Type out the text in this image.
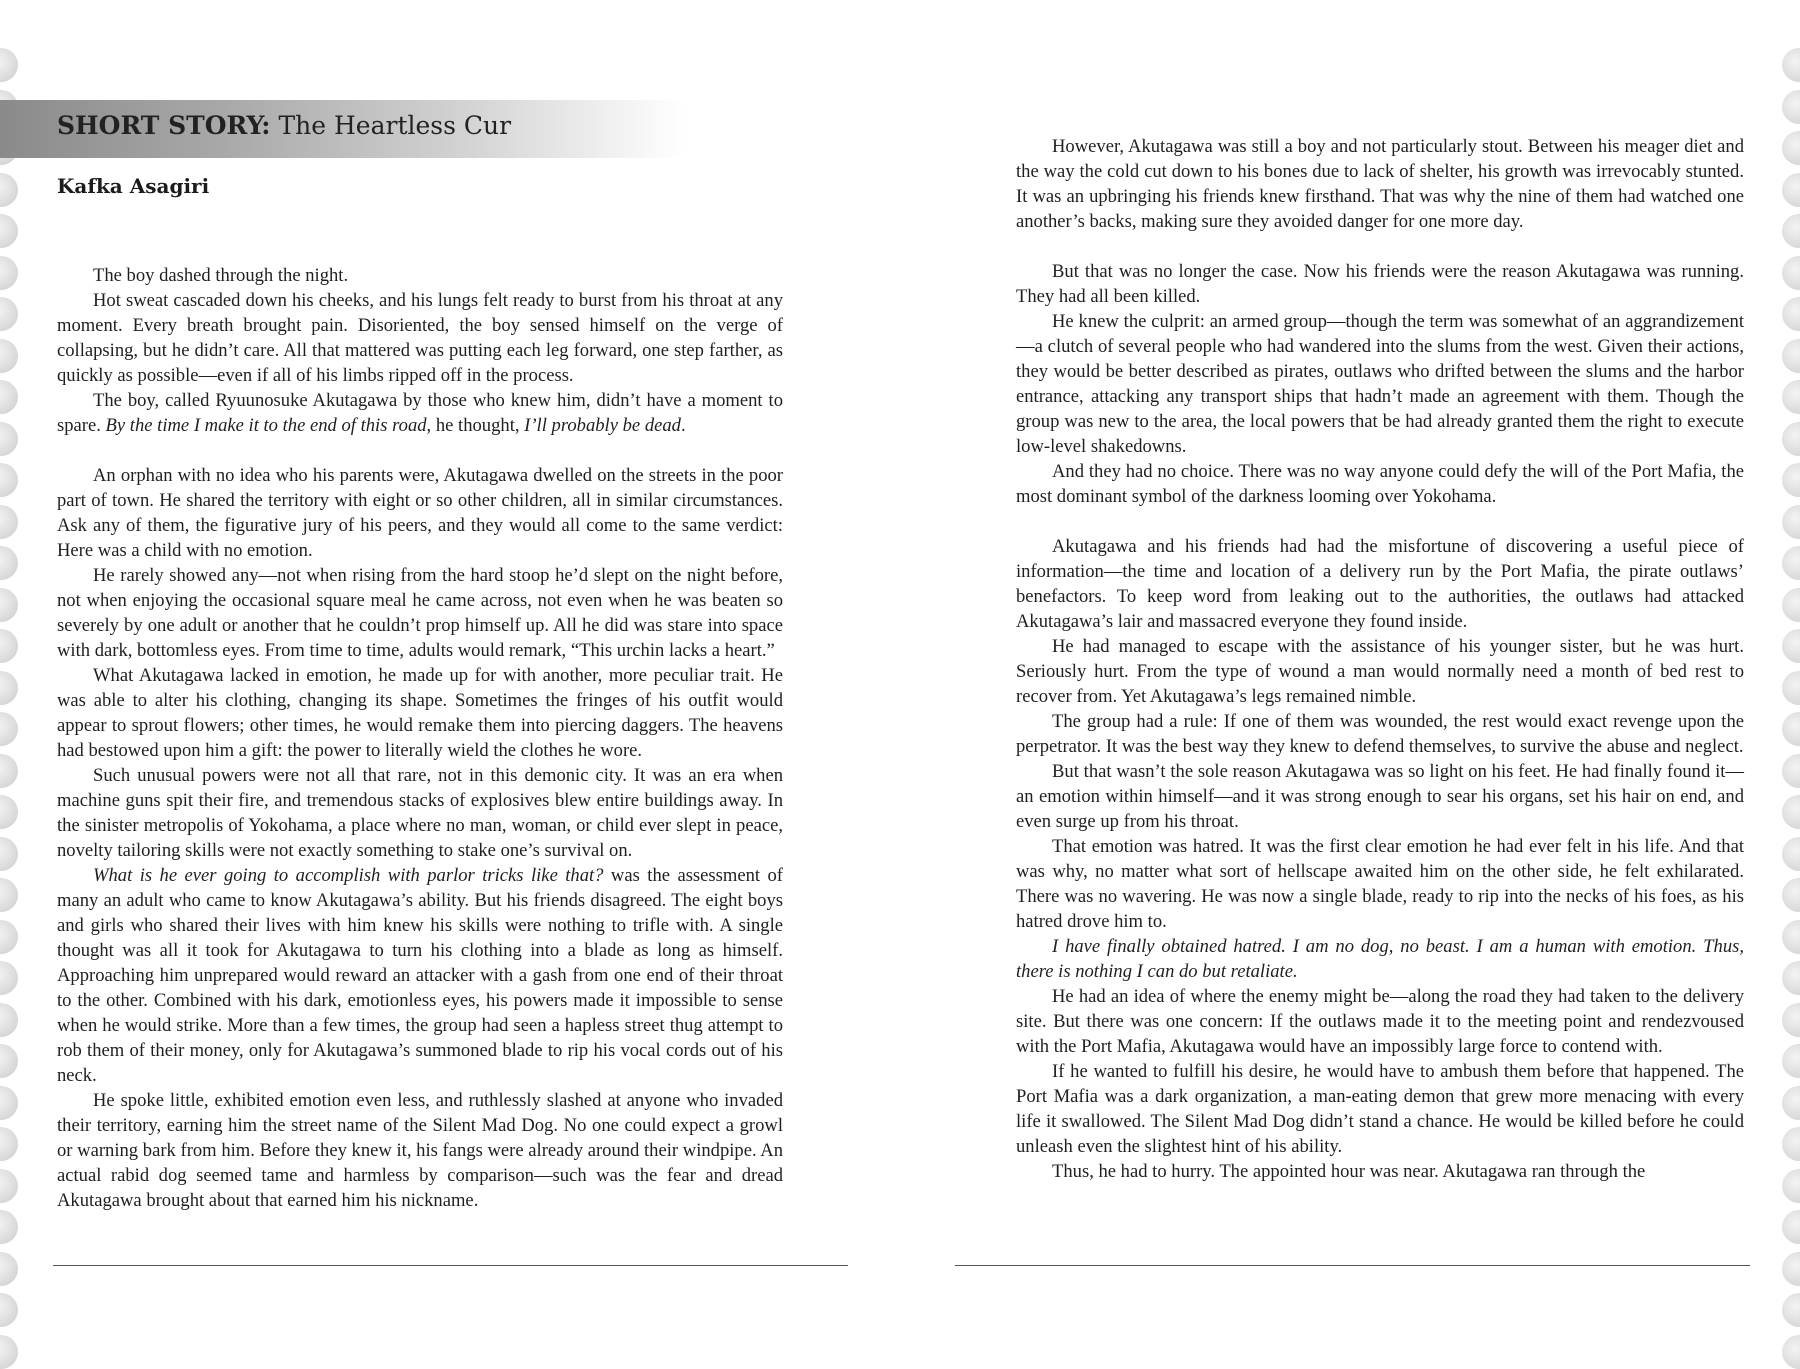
SHORT STORY: The Heartless Cur
Kafka Asagiri

The boy dashed through the night.

Hot sweat cascaded down his cheeks, and his lungs felt ready to burst from his throat at any moment. Every breath brought pain. Disoriented, the boy sensed himself on the verge of collapsing, but he didn’t care. All that mattered was putting each leg forward, one step farther, as quickly as possible—even if all of his limbs ripped off in the process.

The boy, called Ryuunosuke Akutagawa by those who knew him, didn’t have a moment to spare. By the time I make it to the end of this road, he thought, I’ll probably be dead.

An orphan with no idea who his parents were, Akutagawa dwelled on the streets in the poor part of town. He shared the territory with eight or so other children, all in similar circumstances. Ask any of them, the figurative jury of his peers, and they would all come to the same verdict: Here was a child with no emotion.

He rarely showed any—not when rising from the hard stoop he’d slept on the night before, not when enjoying the occasional square meal he came across, not even when he was beaten so severely by one adult or another that he couldn’t prop himself up. All he did was stare into space with dark, bottomless eyes. From time to time, adults would remark, “This urchin lacks a heart.”

What Akutagawa lacked in emotion, he made up for with another, more peculiar trait. He was able to alter his clothing, changing its shape. Sometimes the fringes of his outfit would appear to sprout flowers; other times, he would remake them into piercing daggers. The heavens had bestowed upon him a gift: the power to literally wield the clothes he wore.

Such unusual powers were not all that rare, not in this demonic city. It was an era when machine guns spit their fire, and tremendous stacks of explosives blew entire buildings away. In the sinister metropolis of Yokohama, a place where no man, woman, or child ever slept in peace, novelty tailoring skills were not exactly something to stake one’s survival on.

What is he ever going to accomplish with parlor tricks like that? was the assessment of many an adult who came to know Akutagawa’s ability. But his friends disagreed. The eight boys and girls who shared their lives with him knew his skills were nothing to trifle with. A single thought was all it took for Akutagawa to turn his clothing into a blade as long as himself. Approaching him unprepared would reward an attacker with a gash from one end of their throat to the other. Combined with his dark, emotionless eyes, his powers made it impossible to sense when he would strike. More than a few times, the group had seen a hapless street thug attempt to rob them of their money, only for Akutagawa’s summoned blade to rip his vocal cords out of his neck.

He spoke little, exhibited emotion even less, and ruthlessly slashed at anyone who invaded their territory, earning him the street name of the Silent Mad Dog. No one could expect a growl or warning bark from him. Before they knew it, his fangs were already around their windpipe. An actual rabid dog seemed tame and harmless by comparison—such was the fear and dread Akutagawa brought about that earned him his nickname.

However, Akutagawa was still a boy and not particularly stout. Between his meager diet and the way the cold cut down to his bones due to lack of shelter, his growth was irrevocably stunted. It was an upbringing his friends knew firsthand. That was why the nine of them had watched one another’s backs, making sure they avoided danger for one more day.

But that was no longer the case. Now his friends were the reason Akutagawa was running. They had all been killed.

He knew the culprit: an armed group—though the term was somewhat of an aggrandizement—a clutch of several people who had wandered into the slums from the west. Given their actions, they would be better described as pirates, outlaws who drifted between the slums and the harbor entrance, attacking any transport ships that hadn’t made an agreement with them. Though the group was new to the area, the local powers that be had already granted them the right to execute low-level shakedowns.

And they had no choice. There was no way anyone could defy the will of the Port Mafia, the most dominant symbol of the darkness looming over Yokohama.

Akutagawa and his friends had had the misfortune of discovering a useful piece of information—the time and location of a delivery run by the Port Mafia, the pirate outlaws’ benefactors. To keep word from leaking out to the authorities, the outlaws had attacked Akutagawa’s lair and massacred everyone they found inside.

He had managed to escape with the assistance of his younger sister, but he was hurt. Seriously hurt. From the type of wound a man would normally need a month of bed rest to recover from. Yet Akutagawa’s legs remained nimble.

The group had a rule: If one of them was wounded, the rest would exact revenge upon the perpetrator. It was the best way they knew to defend themselves, to survive the abuse and neglect.

But that wasn’t the sole reason Akutagawa was so light on his feet. He had finally found it—an emotion within himself—and it was strong enough to sear his organs, set his hair on end, and even surge up from his throat.

That emotion was hatred. It was the first clear emotion he had ever felt in his life. And that was why, no matter what sort of hellscape awaited him on the other side, he felt exhilarated. There was no wavering. He was now a single blade, ready to rip into the necks of his foes, as his hatred drove him to.

I have finally obtained hatred. I am no dog, no beast. I am a human with emotion. Thus, there is nothing I can do but retaliate.

He had an idea of where the enemy might be—along the road they had taken to the delivery site. But there was one concern: If the outlaws made it to the meeting point and rendezvoused with the Port Mafia, Akutagawa would have an impossibly large force to contend with.

If he wanted to fulfill his desire, he would have to ambush them before that happened. The Port Mafia was a dark organization, a man-eating demon that grew more menacing with every life it swallowed. The Silent Mad Dog didn’t stand a chance. He would be killed before he could unleash even the slightest hint of his ability.

Thus, he had to hurry. The appointed hour was near. Akutagawa ran through the
